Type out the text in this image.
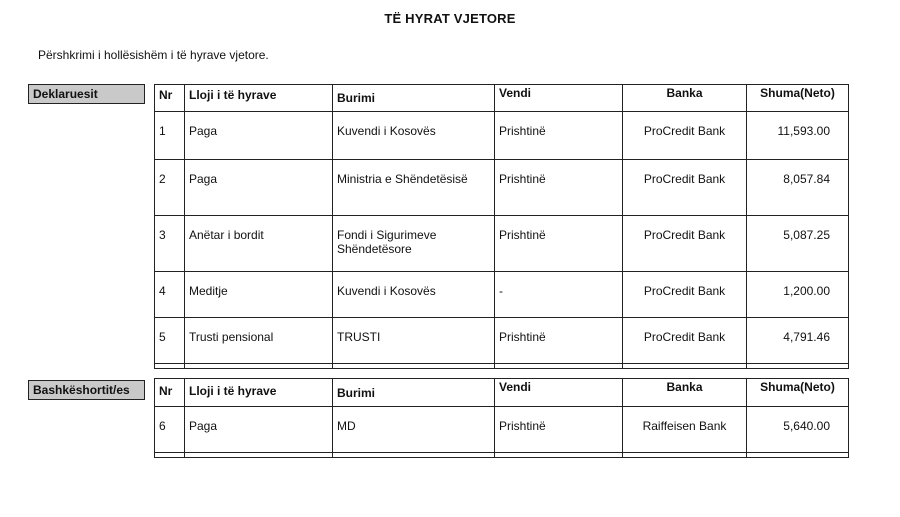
TË HYRAT VJETORE
Përshkrimi i hollësishëm i të hyrave vjetore.
Deklaruesit	Nr	Lloji i të hyrave	Burimi	Vendi	Banka	Shuma(Neto)
1	Paga	Kuvendi i Kosovës	Prishtinë	ProCredit Bank	11,593.00
2	Paga	Ministria e Shëndetësisë	Prishtinë	ProCredit Bank	8,057.84
3	Anëtar i bordit	Fondi i Sigurimeve Shëndetësore	Prishtinë	ProCredit Bank	5,087.25
4	Meditje	Kuvendi i Kosovës	-	ProCredit Bank	1,200.00
5	Trusti pensional	TRUSTI	Prishtinë	ProCredit Bank	4,791.46

Bashkëshortit/es	Nr	Lloji i të hyrave	Burimi	Vendi	Banka	Shuma(Neto)
6	Paga	MD	Prishtinë	Raiffeisen Bank	5,640.00
